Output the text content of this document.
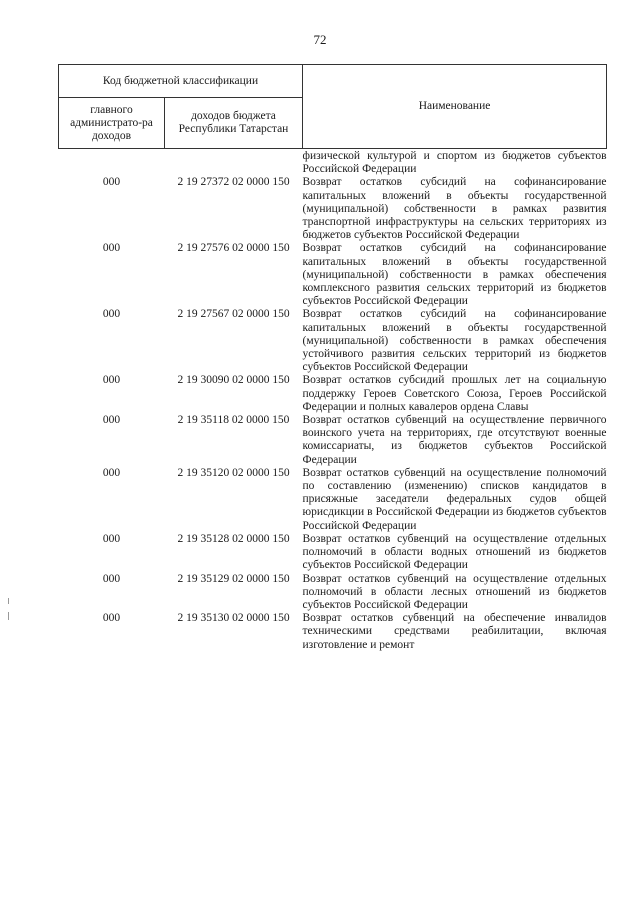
72
Код бюджетной классификации		Наименование
главного администрато-ра доходов	доходов бюджета Республики Татарстан	
		физической культурой и спортом из бюджетов субъектов Российской Федерации
000	2 19 27372 02 0000 150	Возврат остатков субсидий на софинансирование капитальных вложений в объекты государственной (муниципальной) собственности в рамках развития транспортной инфраструктуры на сельских территориях из бюджетов субъектов Российской Федерации
000	2 19 27576 02 0000 150	Возврат остатков субсидий на софинансирование капитальных вложений в объекты государственной (муниципальной) собственности в рамках обеспечения комплексного развития сельских территорий из бюджетов субъектов Российской Федерации
000	2 19 27567 02 0000 150	Возврат остатков субсидий на софинансирование капитальных вложений в объекты государственной (муниципальной) собственности в рамках обеспечения устойчивого развития сельских территорий из бюджетов субъектов Российской Федерации
000	2 19 30090 02 0000 150	Возврат остатков субсидий прошлых лет на социальную поддержку Героев Советского Союза, Героев Российской Федерации и полных кавалеров ордена Славы
000	2 19 35118 02 0000 150	Возврат остатков субвенций на осуществление первичного воинского учета на территориях, где отсутствуют военные комиссариаты, из бюджетов субъектов Российской Федерации
000	2 19 35120 02 0000 150	Возврат остатков субвенций на осуществление полномочий по составлению (изменению) списков кандидатов в присяжные заседатели федеральных судов общей юрисдикции в Российской Федерации из бюджетов субъектов Российской Федерации
000	2 19 35128 02 0000 150	Возврат остатков субвенций на осуществление отдельных полномочий в области водных отношений из бюджетов субъектов Российской Федерации
000	2 19 35129 02 0000 150	Возврат остатков субвенций на осуществление отдельных полномочий в области лесных отношений из бюджетов субъектов Российской Федерации
000	2 19 35130 02 0000 150	Возврат остатков субвенций на обеспечение инвалидов техническими средствами реабилитации, включая изготовление и ремонт
